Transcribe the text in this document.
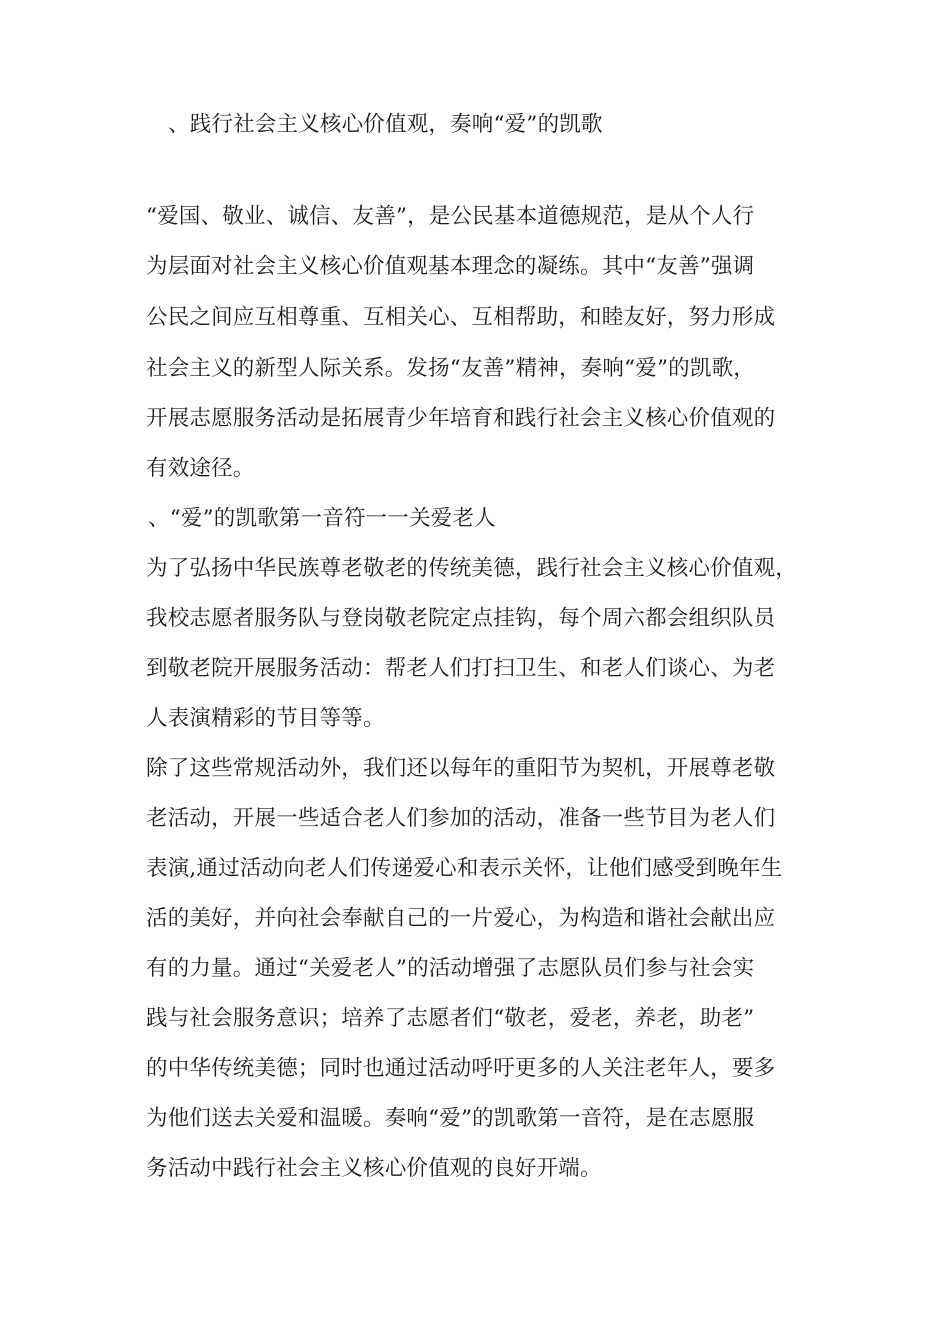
、践行社会主义核心价值观，奏响“爱”的凯歌
“爱国、敬业、诚信、友善”，是公民基本道德规范，是从个人行
为层面对社会主义核心价值观基本理念的凝练。其中“友善”强调
公民之间应互相尊重、互相关心、互相帮助，和睦友好，努力形成
社会主义的新型人际关系。发扬“友善”精神，奏响“爱”的凯歌，
开展志愿服务活动是拓展青少年培育和践行社会主义核心价值观的
有效途径。
、“爱”的凯歌第一音符一一关爱老人
为了弘扬中华民族尊老敬老的传统美德，践行社会主义核心价值观，
我校志愿者服务队与登岗敬老院定点挂钩，每个周六都会组织队员
到敬老院开展服务活动：帮老人们打扫卫生、和老人们谈心、为老
人表演精彩的节目等等。
除了这些常规活动外，我们还以每年的重阳节为契机，开展尊老敬
老活动，开展一些适合老人们参加的活动，准备一些节目为老人们
表演,通过活动向老人们传递爱心和表示关怀，让他们感受到晚年生
活的美好，并向社会奉献自己的一片爱心，为构造和谐社会献出应
有的力量。通过“关爱老人”的活动增强了志愿队员们参与社会实
践与社会服务意识；培养了志愿者们“敬老，爱老，养老，助老”
的中华传统美德；同时也通过活动呼吁更多的人关注老年人，要多
为他们送去关爱和温暖。奏响“爱”的凯歌第一音符，是在志愿服
务活动中践行社会主义核心价值观的良好开端。
